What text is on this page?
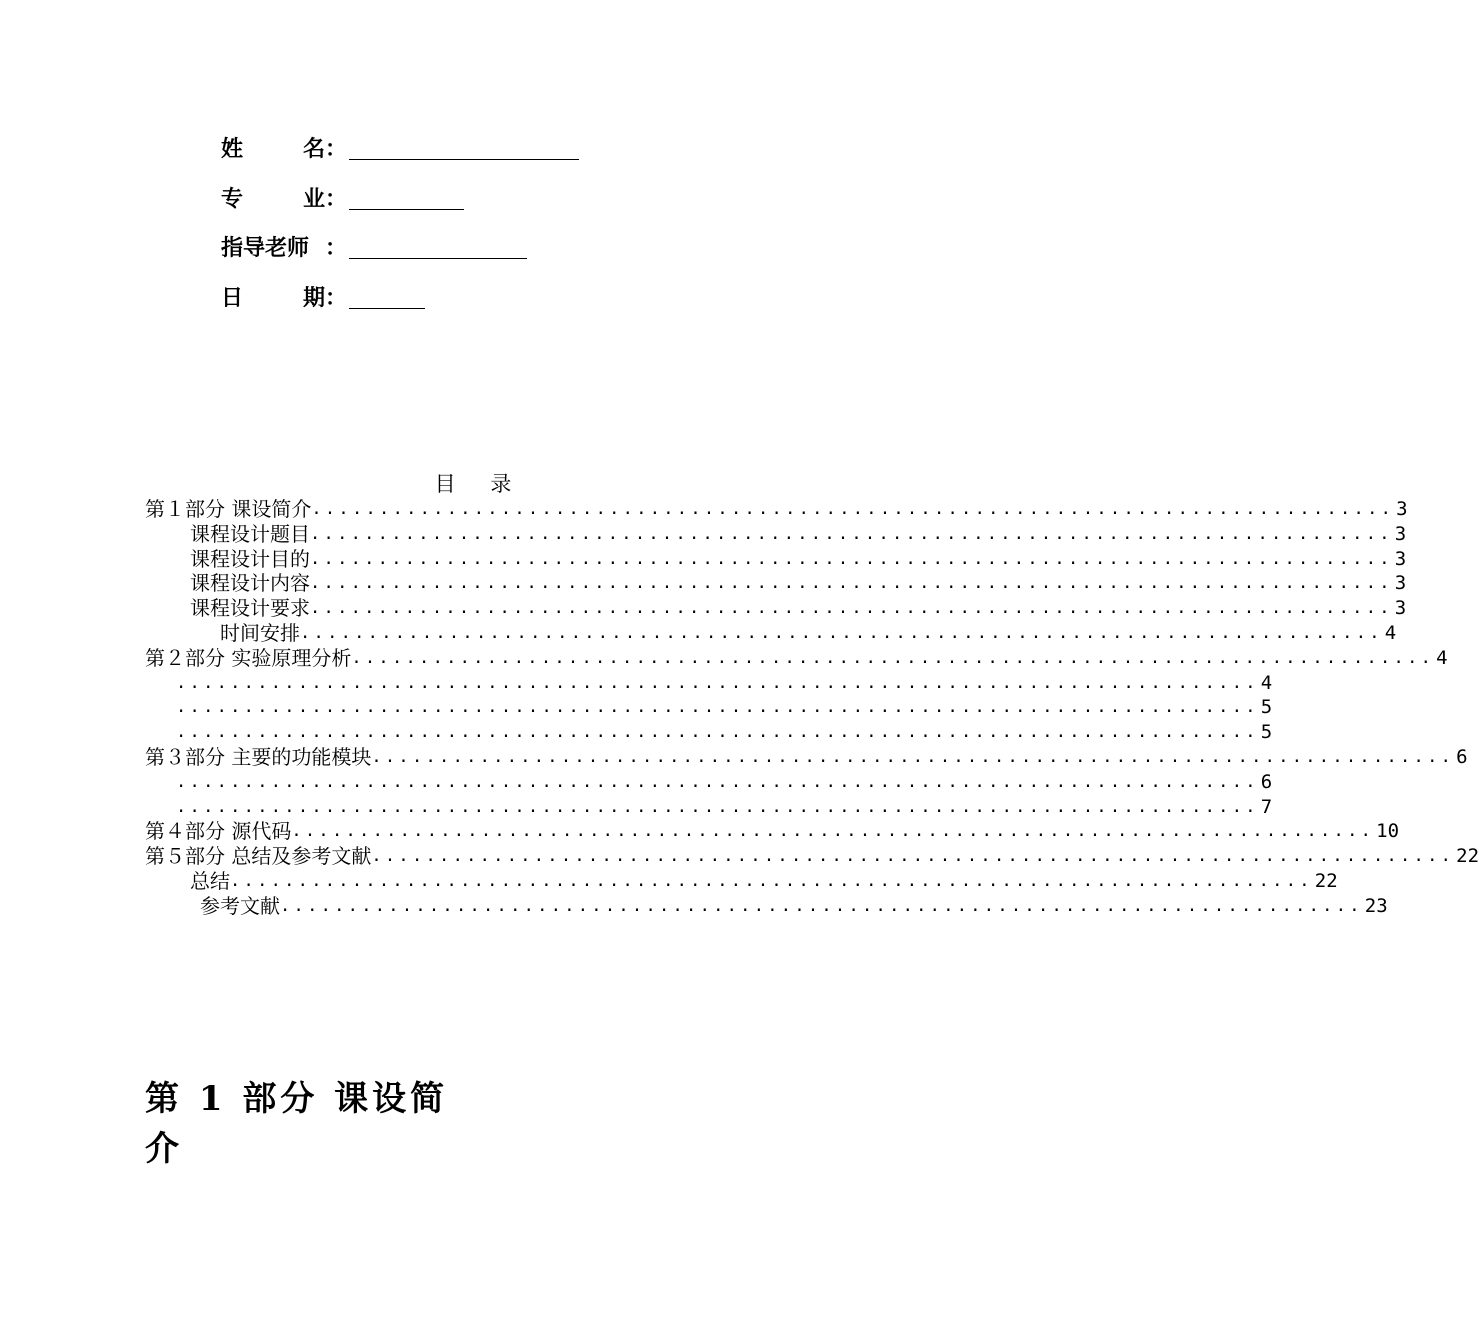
姓	名 ：
专	业 ：
指导老师 ：
日	期 ：
目 录
第１部分 课设简介 ................................................................................ 3
课程设计题目 ................................................................................ 3
课程设计目的 ................................................................................ 3
课程设计内容 ................................................................................ 3
课程设计要求 ................................................................................ 3
时间安排 ................................................................................ 4
第２部分 实验原理分析 ................................................................................ 4
................................................................................ 4
................................................................................ 5
................................................................................ 5
第３部分 主要的功能模块 ................................................................................ 6
................................................................................ 6
................................................................................ 7
第４部分 源代码 ................................................................................ 10
第５部分 总结及参考文献 ................................................................................ 22
总结 ................................................................................ 22
参考文献 ................................................................................ 23
第 1 部分 课设简
介
